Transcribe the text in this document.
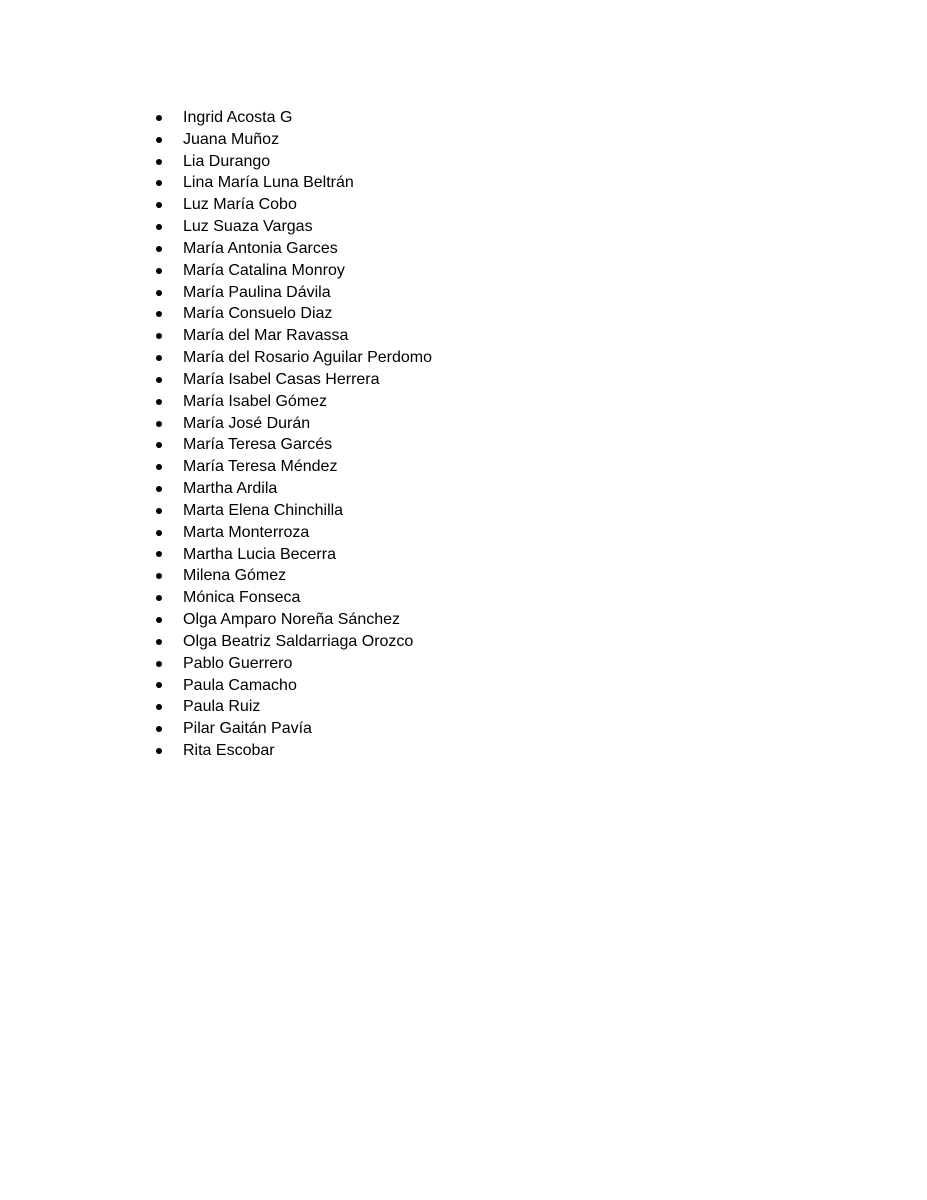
Ingrid Acosta G
Juana Muñoz
Lia Durango
Lina María Luna Beltrán
Luz María Cobo
Luz Suaza Vargas
María Antonia Garces
María Catalina Monroy
María Paulina Dávila
María Consuelo Diaz
María del Mar Ravassa
María del Rosario Aguilar Perdomo
María Isabel Casas Herrera
María Isabel Gómez
María José Durán
María Teresa Garcés
María Teresa Méndez
Martha Ardila
Marta Elena Chinchilla
Marta Monterroza
Martha Lucia Becerra
Milena Gómez
Mónica Fonseca
Olga Amparo Noreña Sánchez
Olga Beatriz Saldarriaga Orozco
Pablo Guerrero
Paula Camacho
Paula Ruiz
Pilar Gaitán Pavía
Rita Escobar
